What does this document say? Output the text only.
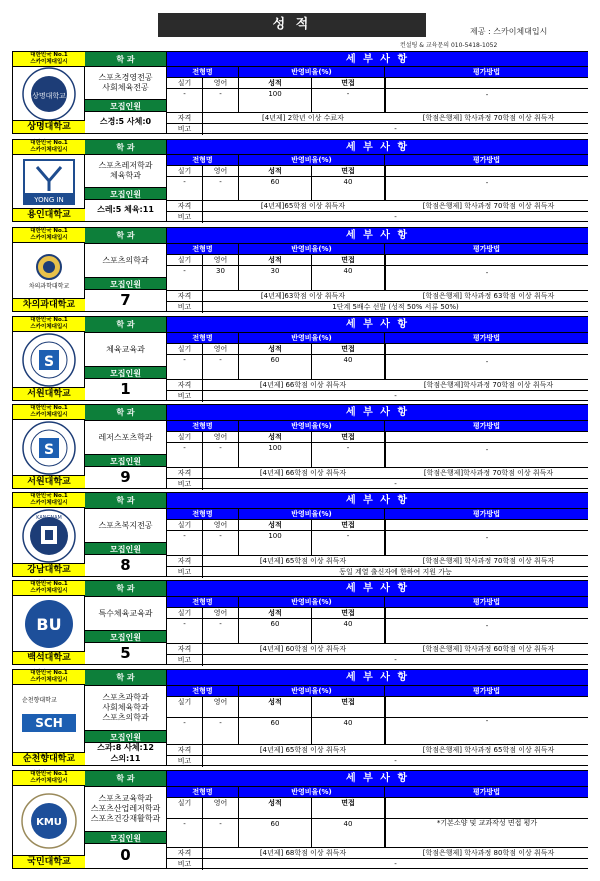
성 적	제공 : 스카이체대입시
컨설팅 & 교육문의 010-5418-1052
대한민국 No.1
스카이체대입시
상명대학교
상명대학교
학 과
스포츠경영전공
사회체육전공
모집인원
스경:5 사체:0
세 부 사 항
전형명	반영비율(%)	평가방법
실기	영어	성적	면접
-	-	100	-	-
자격	[4년제] 2학년 이상 수료자	[학점은행제] 학사과정 70학점 이상 취득자
비고	-
대한민국 No.1
스카이체대입시
YONG IN
용인대학교
학 과
스포츠레저학과
체육학과
모집인원
스레:5 체육:11
세 부 사 항
전형명	반영비율(%)	평가방법
실기	영어	성적	면접
-	-	60	40	-
자격	[4년제]65학점 이상 취득자	[학점은행제] 학사과정 70학점 이상 취득자
비고	-
대한민국 No.1
스카이체대입시
차의과학대학교
차의과대학교
학 과
스포츠의학과
모집인원
7
세 부 사 항
전형명	반영비율(%)	평가방법
실기	영어	성적	면접
-	30	30	40	-
자격	[4년제]63학점 이상 취득자	[학점은행제] 학사과정 63학점 이상 취득자
비고	1단계 5배수 선발 (성적 50% 서류 50%)
대한민국 No.1
스카이체대입시
S
서원대학교
학 과
체육교육과
모집인원
1
세 부 사 항
전형명	반영비율(%)	평가방법
실기	영어	성적	면접
-	-	60	40	-
자격	[4년제] 66학점 이상 취득자	[학점은행제]학사과정 70학점 이상 취득자
비고	-
대한민국 No.1
스카이체대입시
S
서원대학교
학 과
레저스포츠학과
모집인원
9
세 부 사 항
전형명	반영비율(%)	평가방법
실기	영어	성적	면접
-	-	100	-	-
자격	[4년제] 66학점 이상 취득자	[학점은행제]학사과정 70학점 이상 취득자
비고	-
대한민국 No.1
스카이체대입시
KANGNAM
강남대학교
학 과
스포츠복지전공
모집인원
8
세 부 사 항
전형명	반영비율(%)	평가방법
실기	영어	성적	면접
-	-	100	-	-
자격	[4년제] 65학점 이상 취득자	[학점은행제] 학사과정 70학점 이상 취득자
비고	동일 계열 출신자에 한하여 지원 가능
대한민국 No.1
스카이체대입시
BU
백석대학교
학 과
특수체육교육과
모집인원
5
세 부 사 항
전형명	반영비율(%)	평가방법
실기	영어	성적	면접
-	-	60	40	-
자격	[4년제] 60학점 이상 취득자	[학점은행제] 학사과정 60학점 이상 취득자
비고	-
대한민국 No.1
스카이체대입시
순천향대학교
SCH
순천향대학교
학 과
스포츠과학과
사회체육학과
스포츠의학과
모집인원
스과:8 사체:12
스의:11
세 부 사 항
전형명	반영비율(%)	평가방법
실기	영어	성적	면접
-	-	60	40	-
자격	[4년제] 65학점 이상 취득자	[학점은행제] 학사과정 65학점 이상 취득자
비고	-
대한민국 No.1
스카이체대입시
KMU
국민대학교
학 과
스포츠교육학과
스포츠산업레저학과
스포츠건강재활학과
모집인원
0
세 부 사 항
전형명	반영비율(%)	평가방법
실기	영어	성적	면접
-	-	60	40	*기본소양 및 교과작성 면접 평가
자격	[4년제] 68학점 이상 취득자	[학점은행제] 학사과정 80학점 이상 취득자
비고	-
